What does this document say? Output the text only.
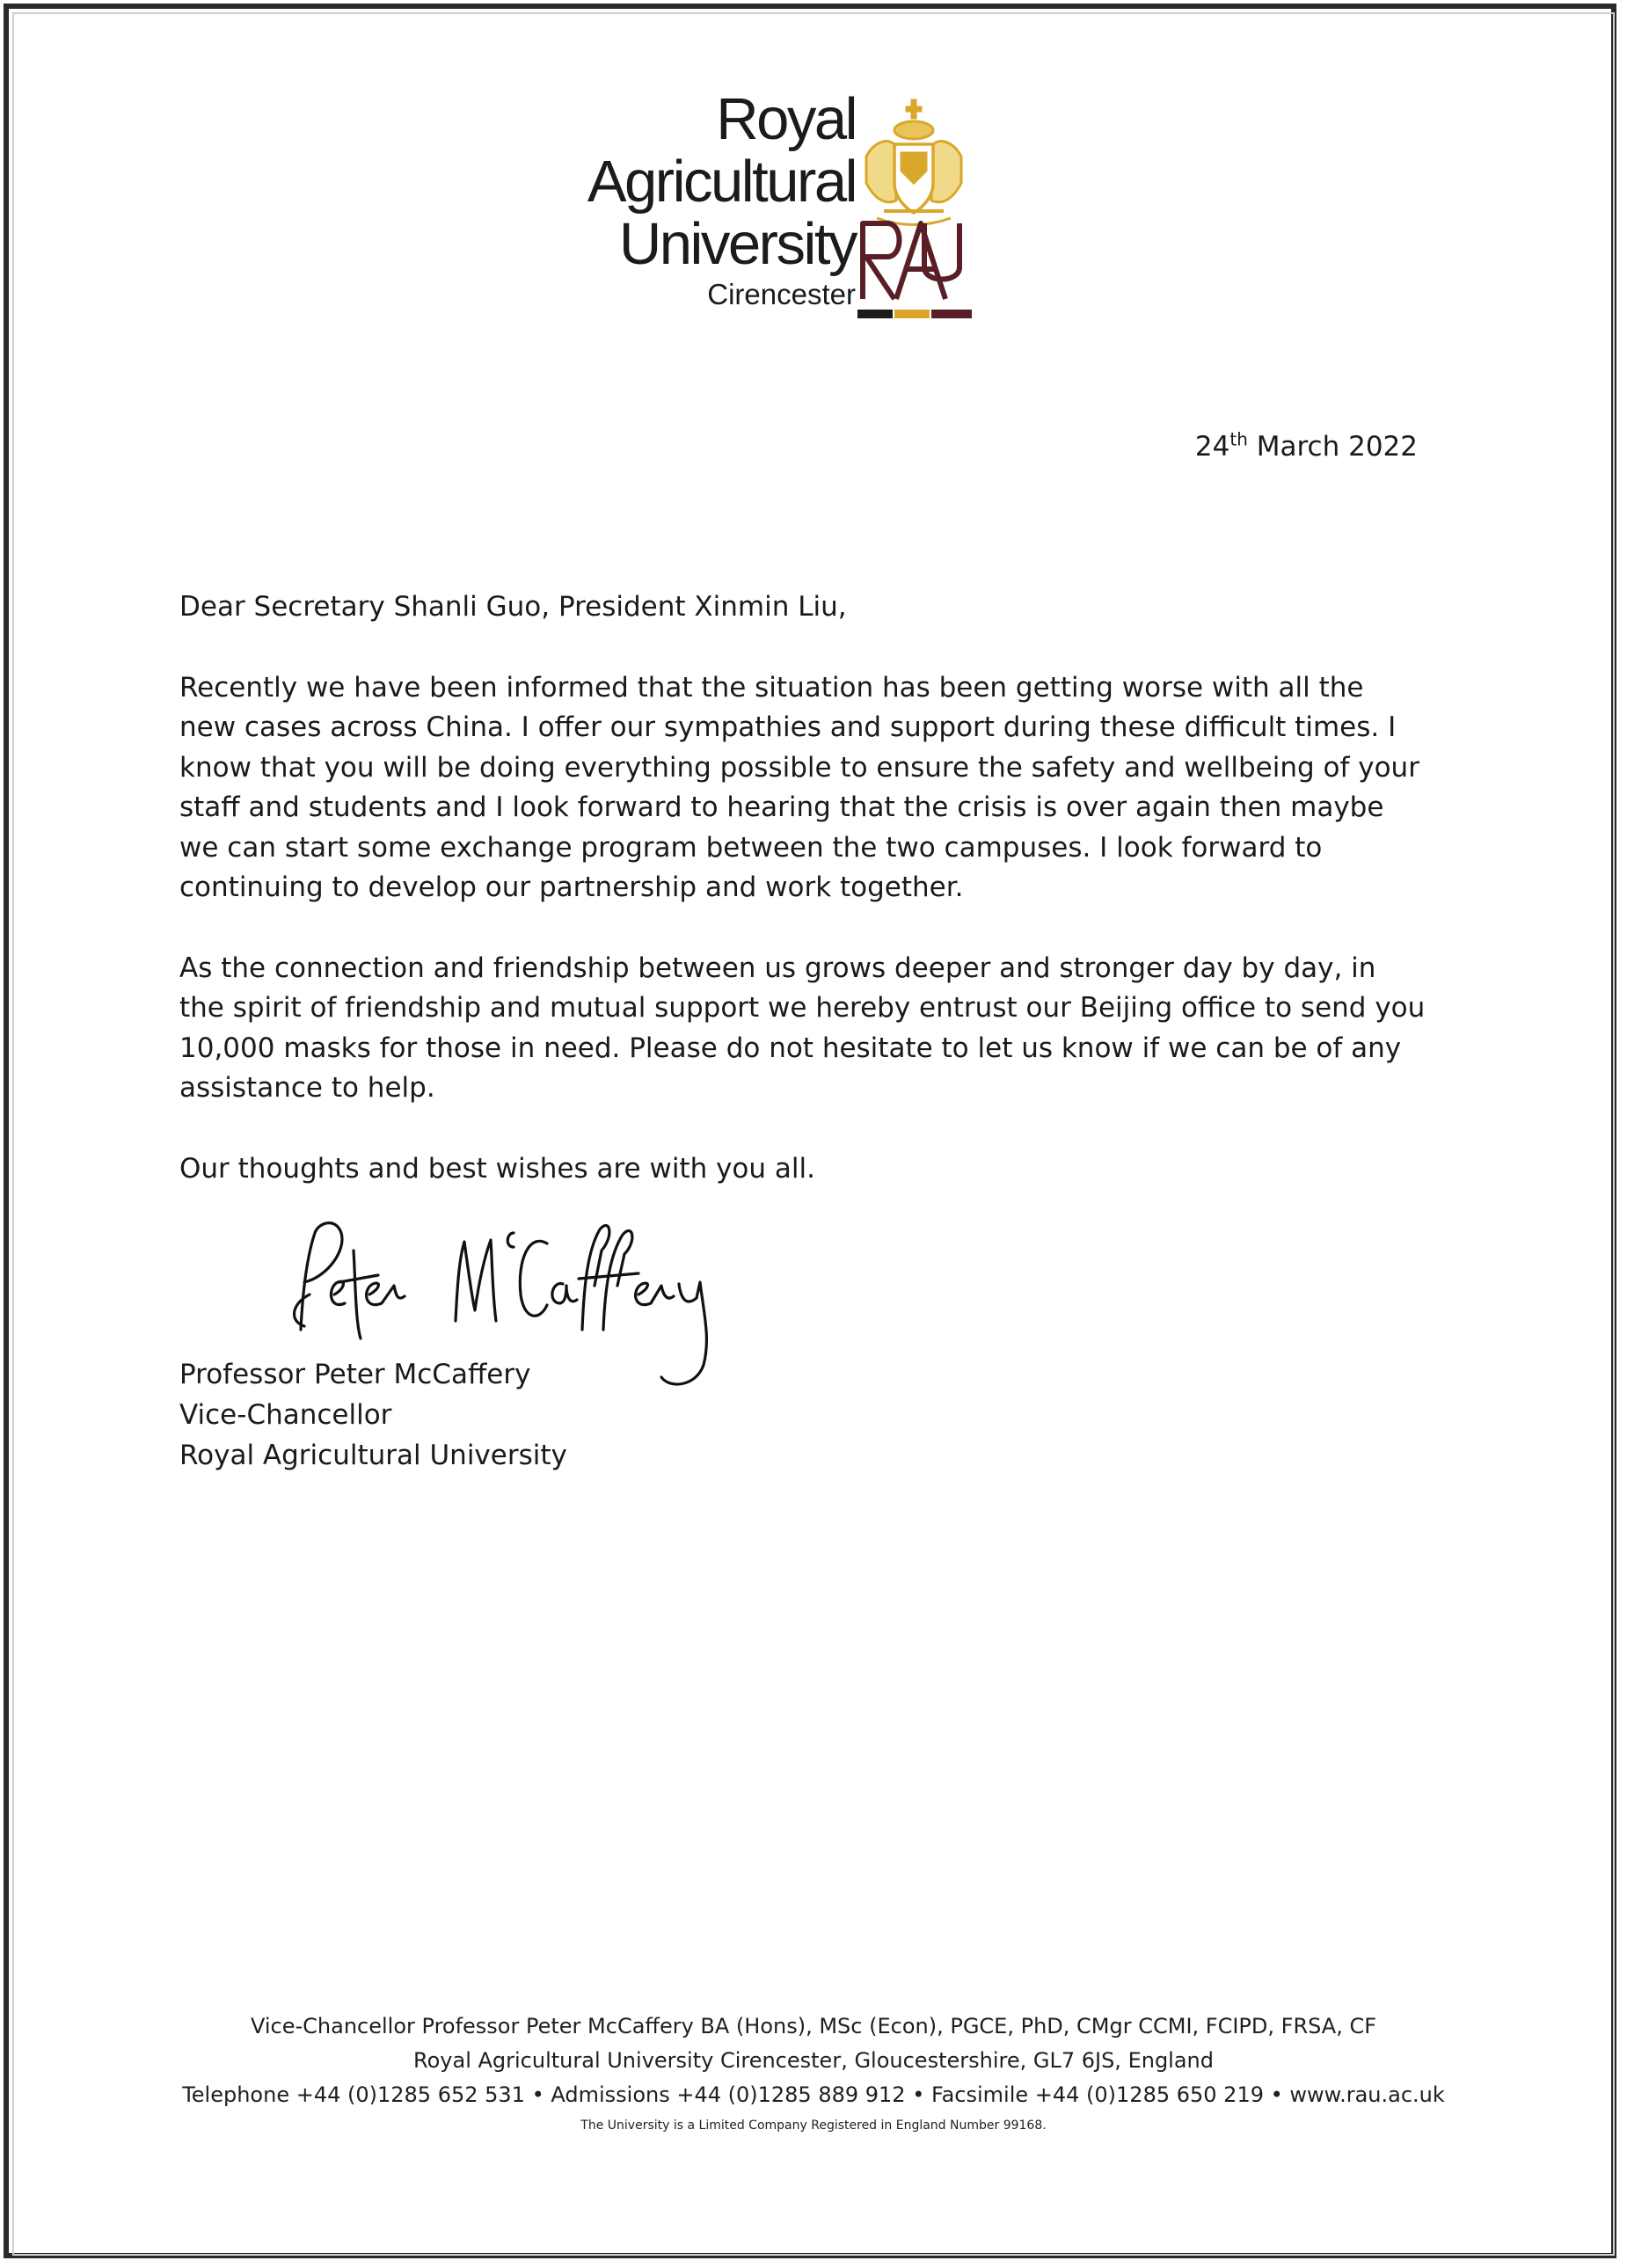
Royal
Agricultural
University
Cirencester
24th March 2022

Dear Secretary Shanli Guo, President Xinmin Liu,

Recently we have been informed that the situation has been getting worse with all the new cases across China. I offer our sympathies and support during these difficult times. I know that you will be doing everything possible to ensure the safety and wellbeing of your staff and students and I look forward to hearing that the crisis is over again then maybe we can start some exchange program between the two campuses. I look forward to continuing to develop our partnership and work together.

As the connection and friendship between us grows deeper and stronger day by day, in the spirit of friendship and mutual support we hereby entrust our Beijing office to send you 10,000 masks for those in need. Please do not hesitate to let us know if we can be of any assistance to help.

Our thoughts and best wishes are with you all.

Professor Peter McCaffery
Vice-Chancellor
Royal Agricultural University
Vice-Chancellor Professor Peter McCaffery BA (Hons), MSc (Econ), PGCE, PhD, CMgr CCMI, FCIPD, FRSA, CF
Royal Agricultural University Cirencester, Gloucestershire, GL7 6JS, England
Telephone +44 (0)1285 652 531 • Admissions +44 (0)1285 889 912 • Facsimile +44 (0)1285 650 219 • www.rau.ac.uk
The University is a Limited Company Registered in England Number 99168.
